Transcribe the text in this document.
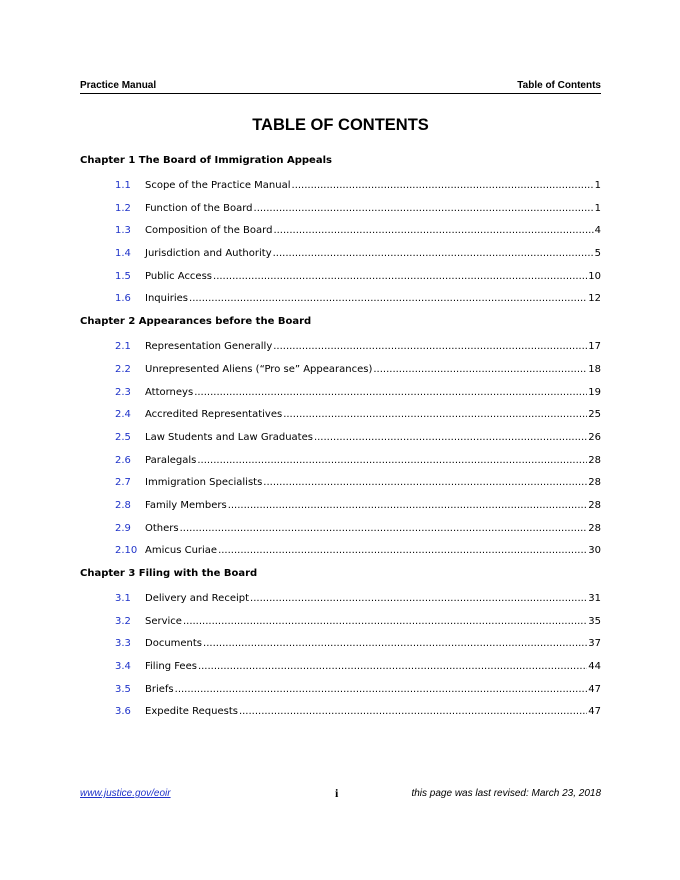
Practice Manual	Table of Contents
TABLE OF CONTENTS
Chapter 1 The Board of Immigration Appeals
1.1	Scope of the Practice Manual .....	1
1.2	Function of the Board .....	1
1.3	Composition of the Board .....	4
1.4	Jurisdiction and Authority .....	5
1.5	Public Access .....	10
1.6	Inquiries .....	12
Chapter 2 Appearances before the Board
2.1	Representation Generally .....	17
2.2	Unrepresented Aliens (“Pro se” Appearances) .....	18
2.3	Attorneys .....	19
2.4	Accredited Representatives .....	25
2.5	Law Students and Law Graduates .....	26
2.6	Paralegals .....	28
2.7	Immigration Specialists .....	28
2.8	Family Members .....	28
2.9	Others .....	28
2.10 Amicus Curiae .....	30
Chapter 3 Filing with the Board
3.1	Delivery and Receipt .....	31
3.2	Service .....	35
3.3	Documents .....	37
3.4	Filing Fees .....	44
3.5	Briefs .....	47
3.6	Expedite Requests .....	47
www.justice.gov/eoir	i	this page was last revised: March 23, 2018
